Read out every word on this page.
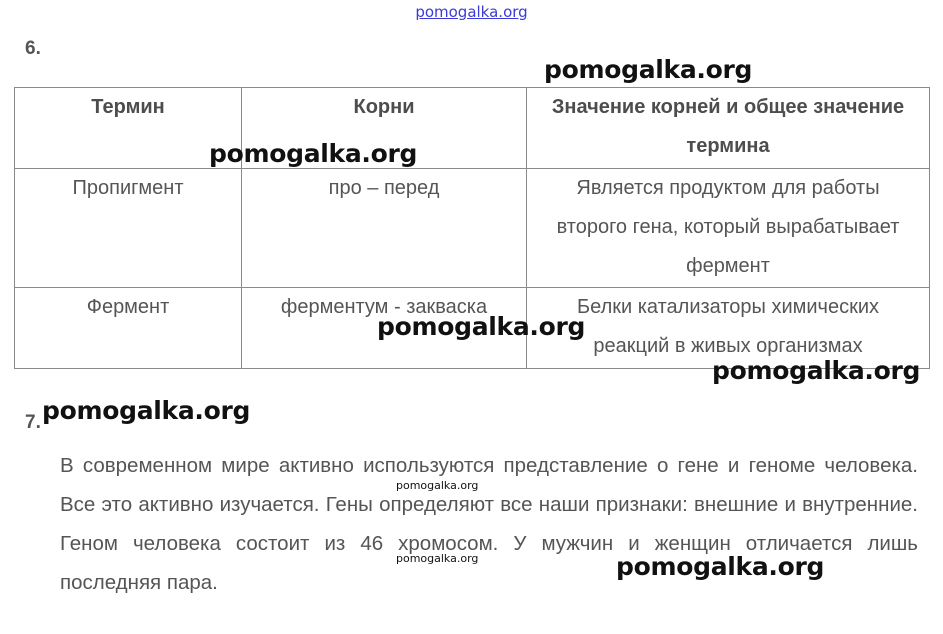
pomogalka.org
6.
Термин	Корни	Значение корней и общее значение термина
Пропигмент	про – перед	Является продуктом для работы второго гена, который вырабатывает фермент
Фермент	ферментум - закваска	Белки катализаторы химических реакций в живых организмах
7.
В современном мире активно используются представление о гене и геноме человека. Все это активно изучается. Гены определяют все наши признаки: внешние и внутренние. Геном человека состоит из 46 хромосом. У мужчин и женщин отличается лишь последняя пара.
pomogalka.org
pomogalka.org
pomogalka.org
pomogalka.org
pomogalka.org
pomogalka.org
pomogalka.org
pomogalka.org
